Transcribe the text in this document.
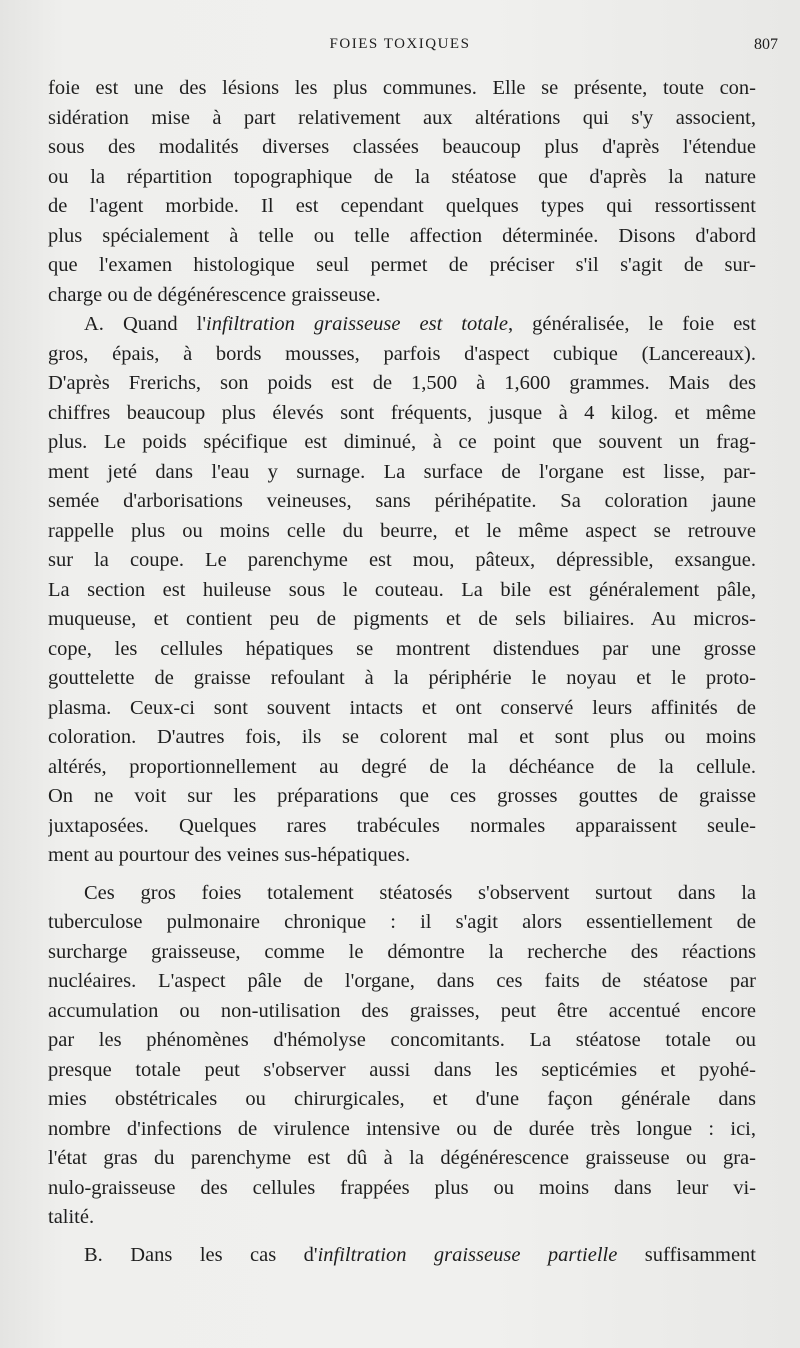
FOIES TOXIQUES	807
foie est une des lésions les plus communes. Elle se présente, toute con-
sidération mise à part relativement aux altérations qui s'y associent,
sous des modalités diverses classées beaucoup plus d'après l'étendue
ou la répartition topographique de la stéatose que d'après la nature
de l'agent morbide. Il est cependant quelques types qui ressortissent
plus spécialement à telle ou telle affection déterminée. Disons d'abord
que l'examen histologique seul permet de préciser s'il s'agit de sur-
charge ou de dégénérescence graisseuse.
A. Quand l'infiltration graisseuse est totale, généralisée, le foie est
gros, épais, à bords mousses, parfois d'aspect cubique (Lancereaux).
D'après Frerichs, son poids est de 1,500 à 1,600 grammes. Mais des
chiffres beaucoup plus élevés sont fréquents, jusque à 4 kilog. et même
plus. Le poids spécifique est diminué, à ce point que souvent un frag-
ment jeté dans l'eau y surnage. La surface de l'organe est lisse, par-
semée d'arborisations veineuses, sans périhépatite. Sa coloration jaune
rappelle plus ou moins celle du beurre, et le même aspect se retrouve
sur la coupe. Le parenchyme est mou, pâteux, dépressible, exsangue.
La section est huileuse sous le couteau. La bile est généralement pâle,
muqueuse, et contient peu de pigments et de sels biliaires. Au micros-
cope, les cellules hépatiques se montrent distendues par une grosse
gouttelette de graisse refoulant à la périphérie le noyau et le proto-
plasma. Ceux-ci sont souvent intacts et ont conservé leurs affinités de
coloration. D'autres fois, ils se colorent mal et sont plus ou moins
altérés, proportionnellement au degré de la déchéance de la cellule.
On ne voit sur les préparations que ces grosses gouttes de graisse
juxtaposées. Quelques rares trabécules normales apparaissent seule-
ment au pourtour des veines sus-hépatiques.
Ces gros foies totalement stéatosés s'observent surtout dans la
tuberculose pulmonaire chronique : il s'agit alors essentiellement de
surcharge graisseuse, comme le démontre la recherche des réactions
nucléaires. L'aspect pâle de l'organe, dans ces faits de stéatose par
accumulation ou non-utilisation des graisses, peut être accentué encore
par les phénomènes d'hémolyse concomitants. La stéatose totale ou
presque totale peut s'observer aussi dans les septicémies et pyohé-
mies obstétricales ou chirurgicales, et d'une façon générale dans
nombre d'infections de virulence intensive ou de durée très longue : ici,
l'état gras du parenchyme est dû à la dégénérescence graisseuse ou gra-
nulo-graisseuse des cellules frappées plus ou moins dans leur vi-
talité.
B. Dans les cas d'infiltration graisseuse partielle suffisamment
